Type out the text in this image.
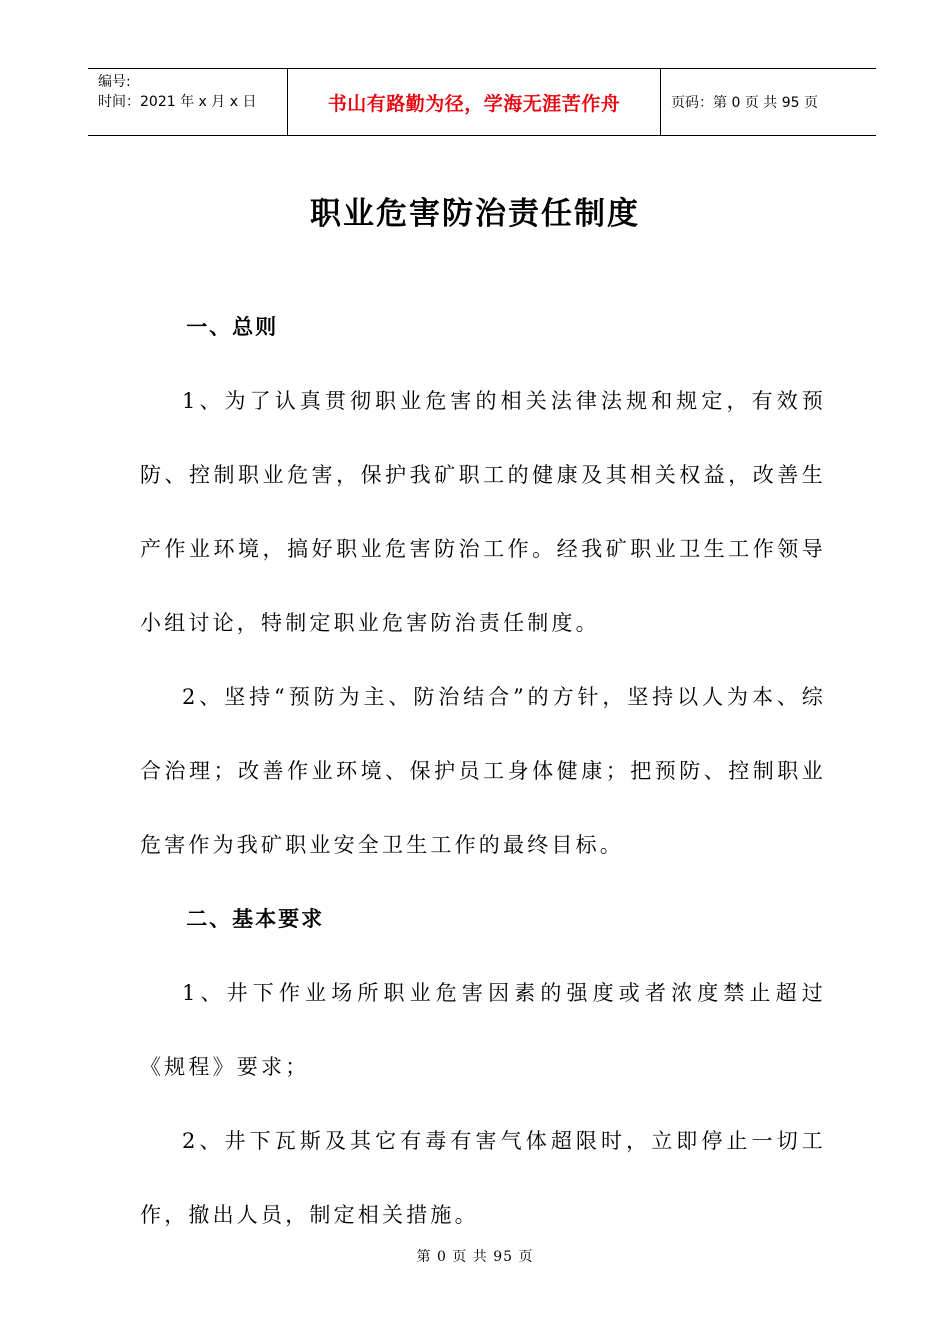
编号:
时间：2021 年 x 月 x 日	书山有路勤为径，学海无涯苦作舟	页码：第 0 页 共 95 页
职业危害防治责任制度
一、总则

1、为了认真贯彻职业危害的相关法律法规和规定，有效预防、控制职业危害，保护我矿职工的健康及其相关权益，改善生产作业环境，搞好职业危害防治工作。经我矿职业卫生工作领导小组讨论，特制定职业危害防治责任制度。

2、坚持“预防为主、防治结合”的方针，坚持以人为本、综合治理；改善作业环境、保护员工身体健康；把预防、控制职业危害作为我矿职业安全卫生工作的最终目标。

二、基本要求

1、井下作业场所职业危害因素的强度或者浓度禁止超过《规程》要求；

2、井下瓦斯及其它有毒有害气体超限时，立即停止一切工作，撤出人员，制定相关措施。

第 0 页 共 95 页
